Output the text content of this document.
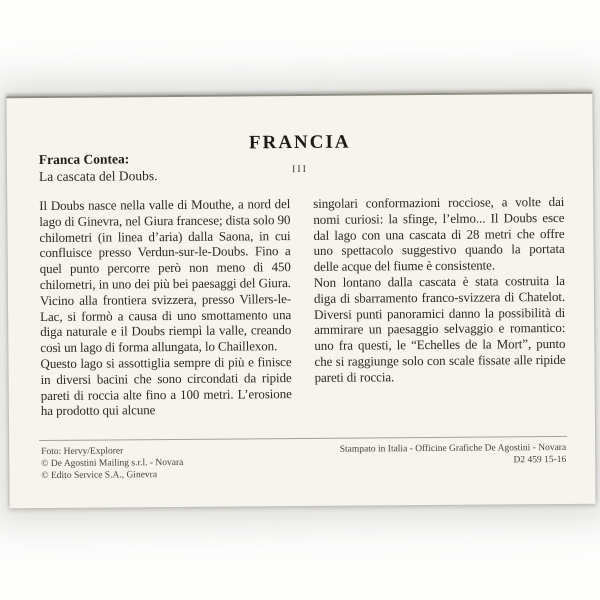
FRANCIA
III
Franca Contea:
La cascata del Doubs.

Il Doubs nasce nella valle di Mouthe, a nord del lago di Ginevra, nel Giura francese; dista solo 90 chilometri (in linea d’aria) dalla Saona, in cui confluisce presso Verdun-sur-le-Doubs. Fino a quel punto percorre però non meno di 450 chilometri, in uno dei più bei paesaggi del Giura. Vicino alla frontiera svizzera, presso Villers-le-Lac, si formò a causa di uno smottamento una diga naturale e il Doubs riempì la valle, creando così un lago di forma allungata, lo Chaillexon.

Questo lago si assottiglia sempre di più e finisce in diversi bacini che sono circondati da ripide pareti di roccia alte fino a 100 metri. L’erosione ha prodotto qui alcune

singolari conformazioni rocciose, a volte dai nomi curiosi: la sfinge, l’elmo... Il Doubs esce dal lago con una cascata di 28 metri che offre uno spettacolo suggestivo quando la portata delle acque del fiume è consistente.

Non lontano dalla cascata è stata costruita la diga di sbarramento franco-svizzera di Chatelot. Diversi punti panoramici danno la possibilità di ammirare un paesaggio selvaggio e romantico: uno fra questi, le “Echelles de la Mort”, punto che si raggiunge solo con scale fissate alle ripide pareti di roccia.

Foto: Hervy/Explorer
© De Agostini Mailing s.r.l. - Novara
© Edito Service S.A., Ginevra
Stampato in Italia - Officine Grafiche De Agostini - Novara
D2 459 15-16
